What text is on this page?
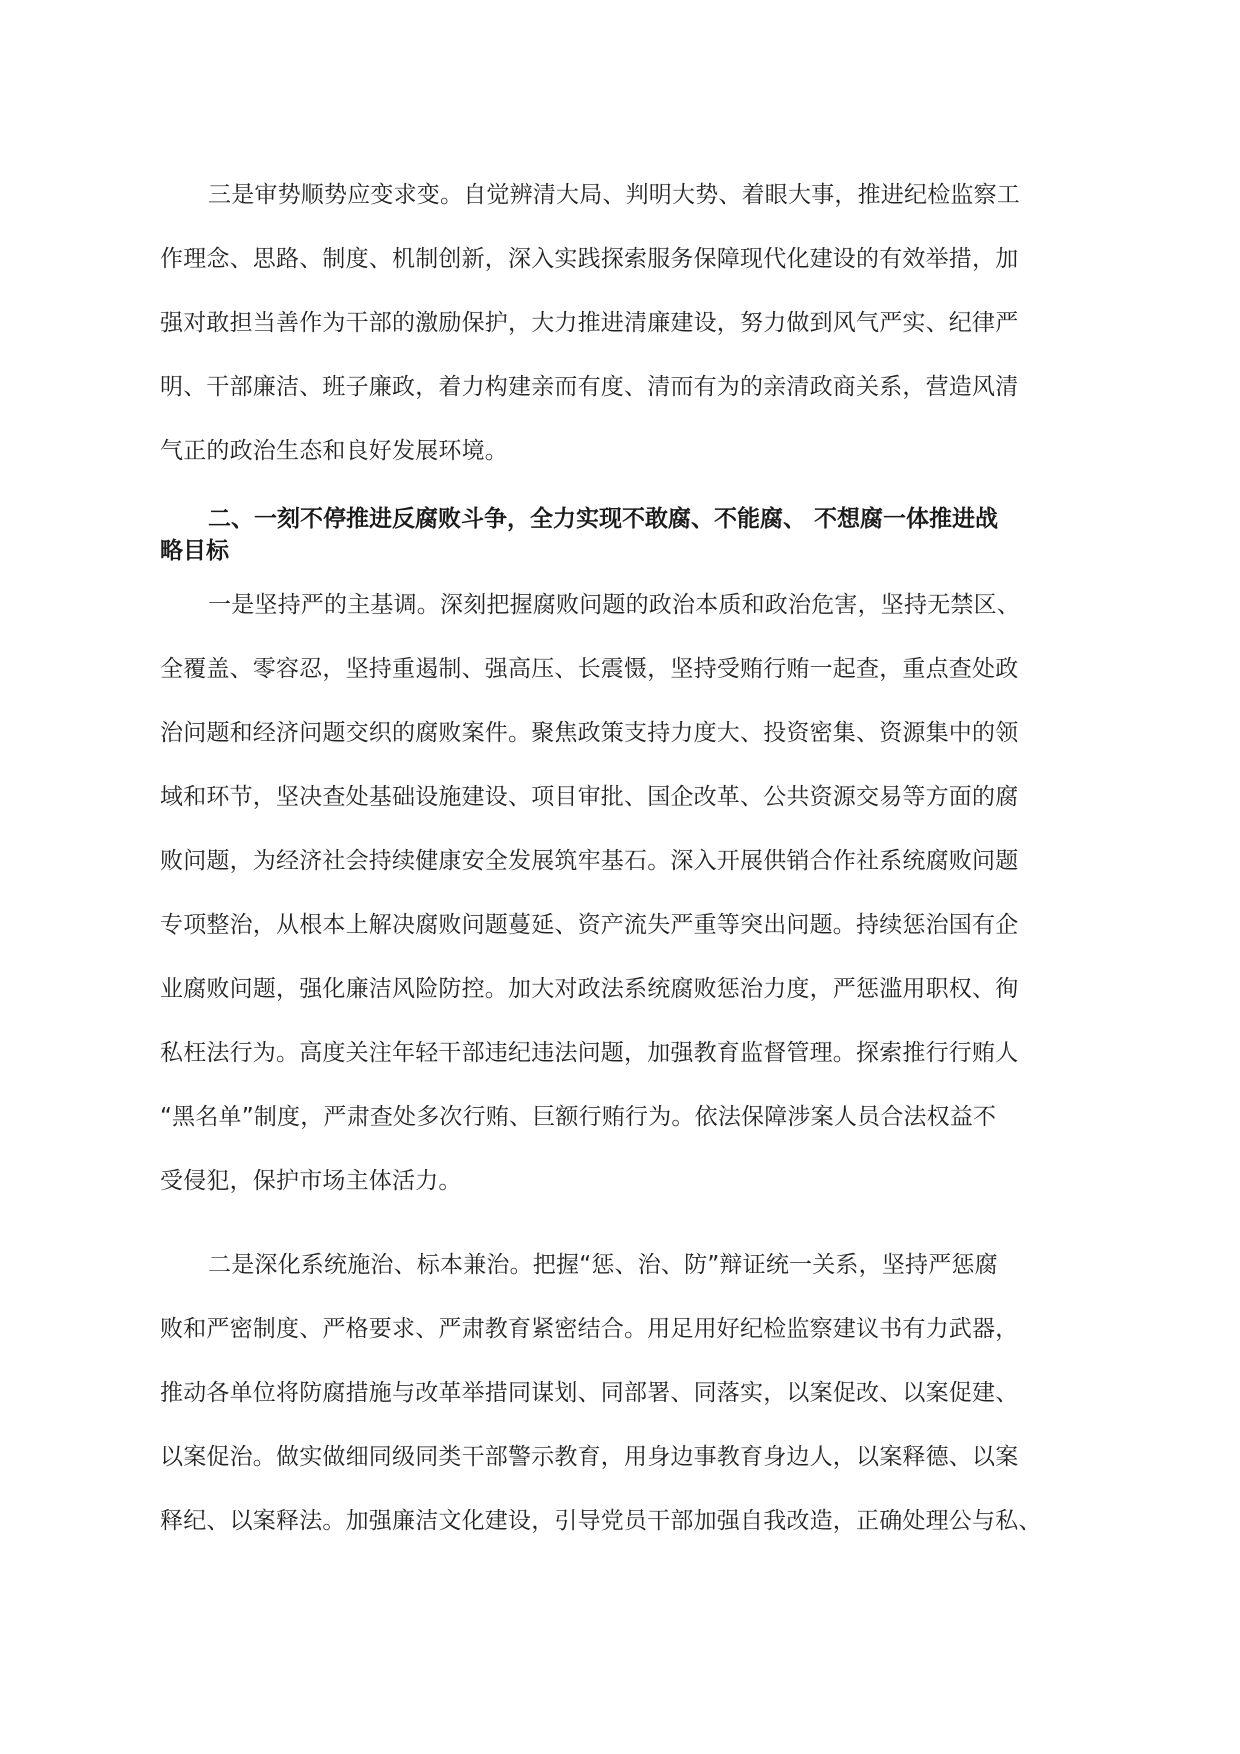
三是审势顺势应变求变。自觉辨清大局、判明大势、着眼大事，推进纪检监察工
作理念、思路、制度、机制创新，深入实践探索服务保障现代化建设的有效举措，加
强对敢担当善作为干部的激励保护，大力推进清廉建设，努力做到风气严实、纪律严
明、干部廉洁、班子廉政，着力构建亲而有度、清而有为的亲清政商关系，营造风清
气正的政治生态和良好发展环境。
二、一刻不停推进反腐败斗争，全力实现不敢腐、不能腐、 不想腐一体推进战
略目标
一是坚持严的主基调。深刻把握腐败问题的政治本质和政治危害，坚持无禁区、
全覆盖、零容忍，坚持重遏制、强高压、长震慑，坚持受贿行贿一起查，重点查处政
治问题和经济问题交织的腐败案件。聚焦政策支持力度大、投资密集、资源集中的领
域和环节，坚决查处基础设施建设、项目审批、国企改革、公共资源交易等方面的腐
败问题，为经济社会持续健康安全发展筑牢基石。深入开展供销合作社系统腐败问题
专项整治，从根本上解决腐败问题蔓延、资产流失严重等突出问题。持续惩治国有企
业腐败问题，强化廉洁风险防控。加大对政法系统腐败惩治力度，严惩滥用职权、徇
私枉法行为。高度关注年轻干部违纪违法问题，加强教育监督管理。探索推行行贿人
“黑名单”制度，严肃查处多次行贿、巨额行贿行为。依法保障涉案人员合法权益不
受侵犯，保护市场主体活力。
二是深化系统施治、标本兼治。把握“惩、治、防”辩证统一关系，坚持严惩腐
败和严密制度、严格要求、严肃教育紧密结合。用足用好纪检监察建议书有力武器，
推动各单位将防腐措施与改革举措同谋划、同部署、同落实，以案促改、以案促建、
以案促治。做实做细同级同类干部警示教育，用身边事教育身边人，以案释德、以案
释纪、以案释法。加强廉洁文化建设，引导党员干部加强自我改造，正确处理公与私、
